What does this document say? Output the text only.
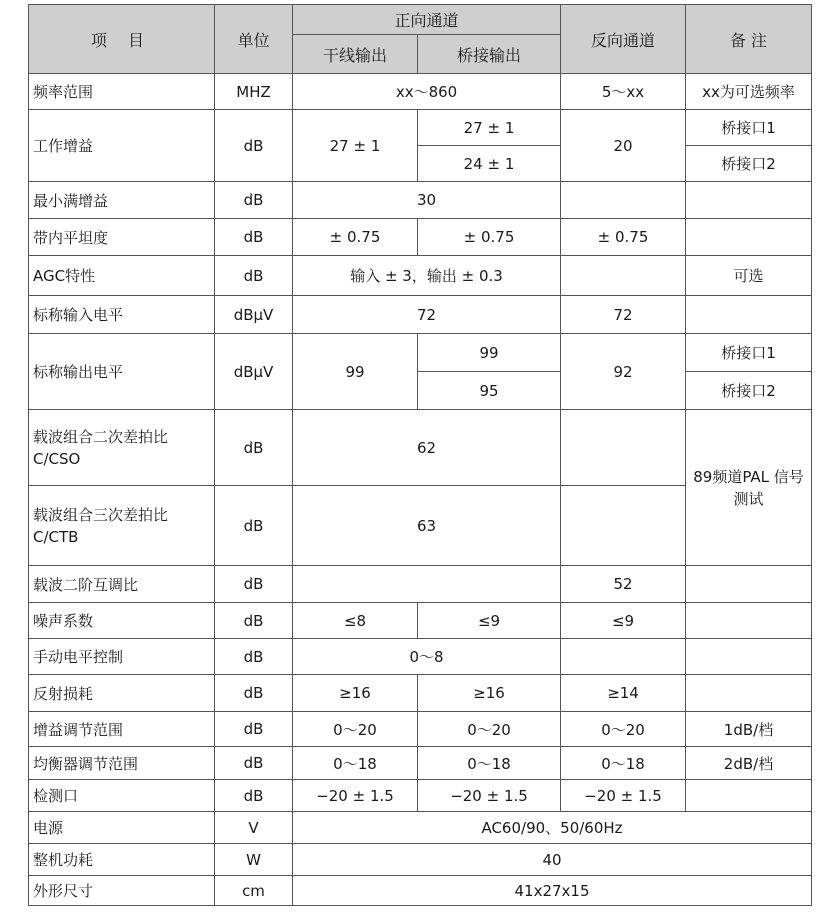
项 目	单位	正向通道		反向通道	备 注
		干线输出	桥接输出		
频率范围	MHZ	xx～860		5～xx	xx为可选频率
工作增益	dB	27 ± 1	27 ± 1	20	桥接口1
			24 ± 1		桥接口2
最小满增益	dB	30			
带内平坦度	dB	± 0.75	± 0.75	± 0.75	
AGC特性	dB	输入 ± 3，输出 ± 0.3			可选
标称输入电平	dBμV	72		72	
标称输出电平	dBμV	99	99	92	桥接口1
			95		桥接口2
载波组合二次差拍比 C/CSO	dB	62			89频道PAL 信号测试
载波组合三次差拍比 C/CTB	dB	63			
载波二阶互调比	dB			52	
噪声系数	dB	≤8	≤9	≤9	
手动电平控制	dB	0～8			
反射损耗	dB	≥16	≥16	≥14	
增益调节范围	dB	0～20	0～20	0～20	1dB/档
均衡器调节范围	dB	0～18	0～18	0～18	2dB/档
检测口	dB	−20 ± 1.5	−20 ± 1.5	−20 ± 1.5	
电源	V	AC60/90、50/60Hz			
整机功耗	W	40			
外形尺寸	cm	41x27x15			
